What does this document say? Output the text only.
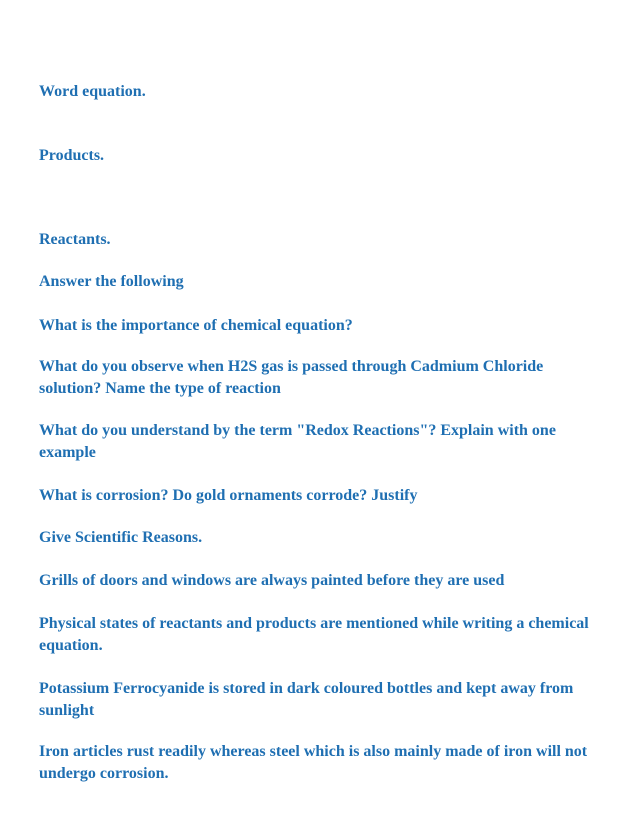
Word equation.

Products.

Reactants.

Answer the following

What is the importance of chemical equation?

What do you observe when H2S gas is passed through Cadmium Chloride solution? Name the type of reaction

What do you understand by the term "Redox Reactions"? Explain with one example

What is corrosion? Do gold ornaments corrode? Justify

Give Scientific Reasons.

Grills of doors and windows are always painted before they are used

Physical states of reactants and products are mentioned while writing a chemical equation.

Potassium Ferrocyanide is stored in dark coloured bottles and kept away from sunlight

Iron articles rust readily whereas steel which is also mainly made of iron will not undergo corrosion.
